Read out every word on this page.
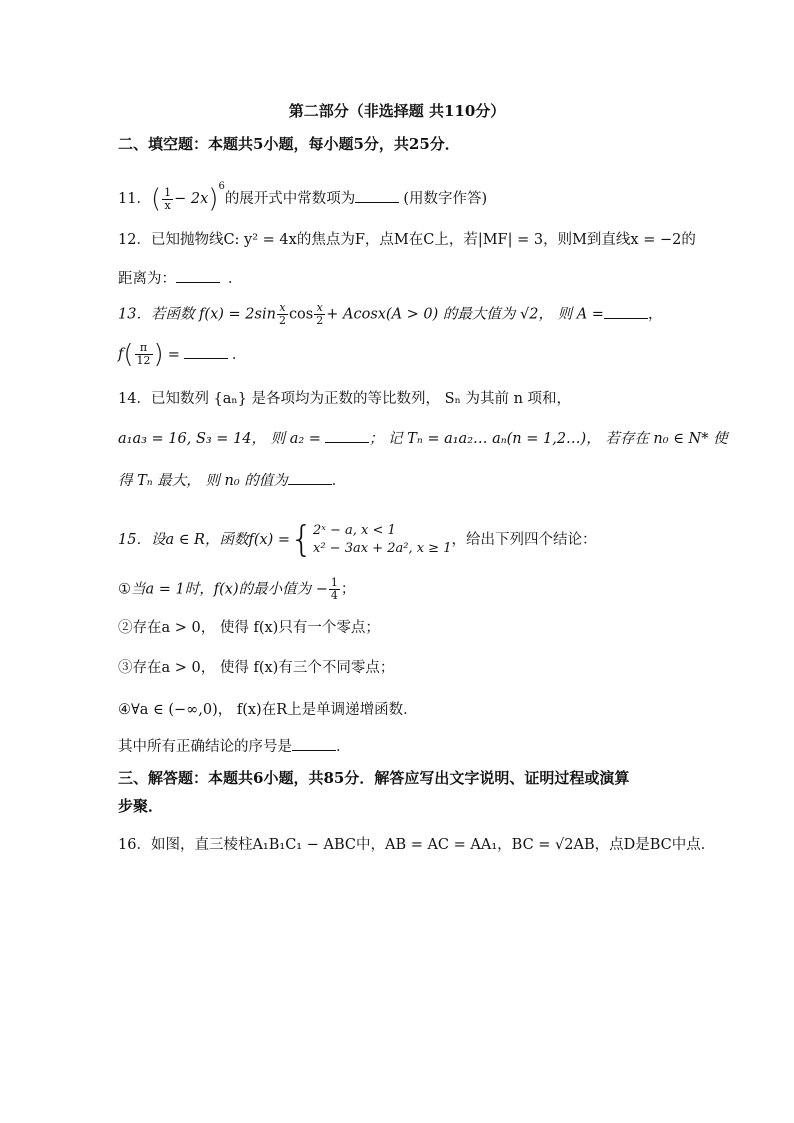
第二部分（非选择题 共110分）
二、填空题：本题共5小题，每小题5分，共25分．
11．( $\frac{1}{x} - 2x)^6$的展开式中常数项为	(用数字作答)
12．已知抛物线C: y² = 4x的焦点为F，点M在C上，若|MF| = 3，则M到直线x = −2的
距离为：	．
13．若函数 $f(x) = 2\sin \frac{x}{2}$ $\cos \frac{x}{2} + Acosx(A > 0)$ 的最大值为 √2， 则 A =	，
$f( \frac{\pi}{12}$ ) =	．
14．已知数列 {aₙ} 是各项均为正数的等比数列， Sₙ 为其前 n 项和，
a₁a₃ = 16, S₃ = 14， 则 a₂ =	； 记 Tₙ = a₁a₂… aₙ(n = 1,2…)， 若存在 n₀ ∈ N* 使
得 Tₙ 最大， 则 n₀ 的值为	．
15．设a ∈ R，函数f(x) ={ 2ˣ − a, x < 1
x² − 3ax + 2a², x ≥ 1
，给出下列四个结论：
①当a = 1时，f(x)的最小值为 − $\frac{1}{4}$ ；
②存在a > 0， 使得 f(x)只有一个零点；
③存在a > 0， 使得 f(x)有三个不同零点；
④∀a ∈ (−∞,0)， f(x)在R上是单调递增函数．
其中所有正确结论的序号是	．
三、解答题：本题共6小题，共85分．解答应写出文字说明、证明过程或演算
步聚．
16．如图，直三棱柱A₁B₁C₁ − ABC中，AB = AC = AA₁，BC = √2AB，点D是BC中点．
